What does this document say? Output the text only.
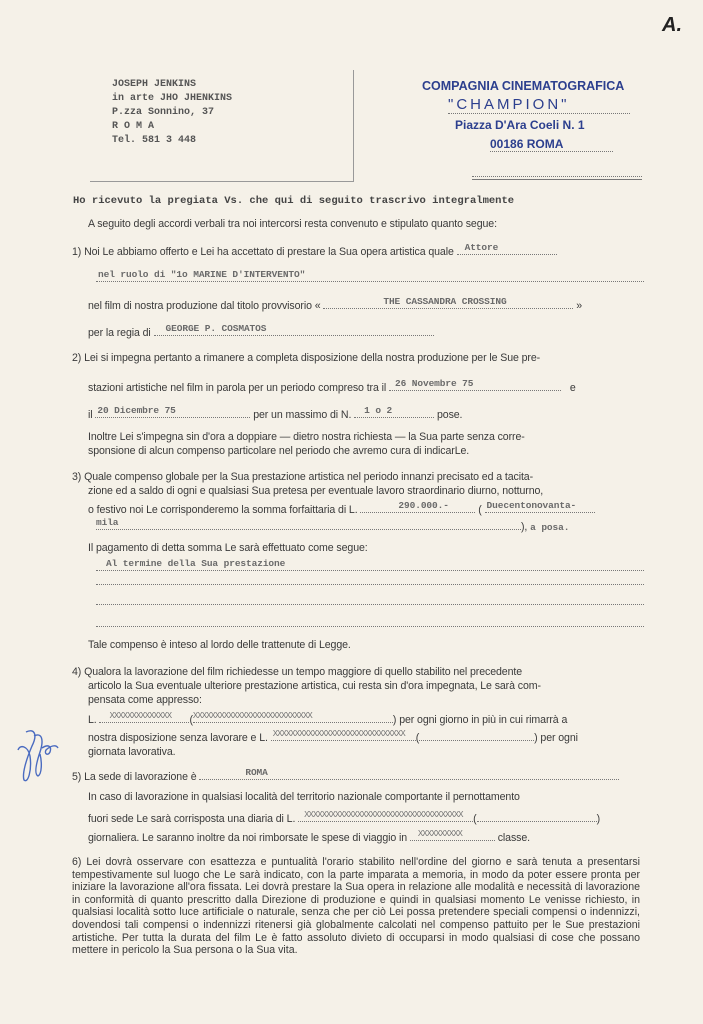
A.
JOSEPH JENKINS
in arte JHO JHENKINS
P.zza Sonnino, 37
R O M A
Tel. 581 3 448
COMPAGNIA CINEMATOGRAFICA
"CHAMPION"
Piazza D'Ara Coeli N. 1
00186 ROMA
Ho ricevuto la pregiata Vs. che qui di seguito trascrivo integralmente
A seguito degli accordi verbali tra noi intercorsi resta convenuto e stipulato quanto segue:
1) Noi Le abbiamo offerto e Lei ha accettato di prestare la Sua opera artistica quale Attore
nel ruolo di "1o MARINE D'INTERVENTO"
nel film di nostra produzione dal titolo provvisorio «	THE CASSANDRA CROSSING	»
per la regia di GEORGE P. COSMATOS
2) Lei si impegna pertanto a rimanere a completa disposizione della nostra produzione per le Sue pre-
stazioni artistiche nel film in parola per un periodo compreso tra il 26 Novembre 75	e
il 20 Dicembre 75	per un massimo di N. 1 o 2	pose.
Inoltre Lei s'impegna sin d'ora a doppiare — dietro nostra richiesta — la Sua parte senza corre-
sponsione di alcun compenso particolare nel periodo che avremo cura di indicarLe.
3) Quale compenso globale per la Sua prestazione artistica nel periodo innanzi precisato ed a tacita-
zione ed a saldo di ogni e qualsiasi Sua pretesa per eventuale lavoro straordinario diurno, notturno,
o festivo noi Le corrisponderemo la somma forfaittaria di L.	290.000.-	( Duecentonovanta-
mila	), a posa.
Il pagamento di detta somma Le sarà effettuato come segue:
Al termine della Sua prestazione
Tale compenso è inteso al lordo delle trattenute di Legge.
4) Qualora la lavorazione del film richiedesse un tempo maggiore di quello stabilito nel precedente
articolo la Sua eventuale ulteriore prestazione artistica, cui resta sin d'ora impegnata, Le sarà com-
pensata come appresso:
L. XXXXXXXXXXXXXX ( XXXXXXXXXXXXXXXXXXXXXXXXXXX	) per ogni giorno in più in cui rimarrà a
nostra disposizione senza lavorare e L. XXXXXXXXXXXXXXXXXXXXXXXXXXXXXX (	) per ogni
giornata lavorativa.
5) La sede di lavorazione è	ROMA
In caso di lavorazione in qualsiasi località del territorio nazionale comportante il pernottamento
fuori sede Le sarà corrisposta una diaria di L. XXXXXXXXXXXXXXXXXXXXXXXXXXXXXXXXXXXX (	)
giornaliera. Le saranno inoltre da noi rimborsate le spese di viaggio in XXXXXXXXXX	classe.
6) Lei dovrà osservare con esattezza e puntualità l'orario stabilito nell'ordine del giorno e sarà tenuta a presentarsi tempestivamente sul luogo che Le sarà indicato, con la parte imparata a memoria, in modo da poter essere pronta per iniziare la lavorazione all'ora fissata. Lei dovrà prestare la Sua opera in relazione alle modalità e necessità di lavorazione in conformità di quanto prescritto dalla Direzione di produzione e quindi in qualsiasi momento Le venisse richiesto, in qualsiasi località sotto luce artificiale o naturale, senza che per ciò Lei possa pretendere speciali compensi o indennizzi, dovendosi tali compensi o indennizzi ritenersi già globalmente calcolati nel compenso pattuito per le Sue prestazioni artistiche. Per tutta la durata del film Le è fatto assoluto divieto di occuparsi in modo qualsiasi di cose che possano mettere in pericolo la Sua persona o la Sua vita.
